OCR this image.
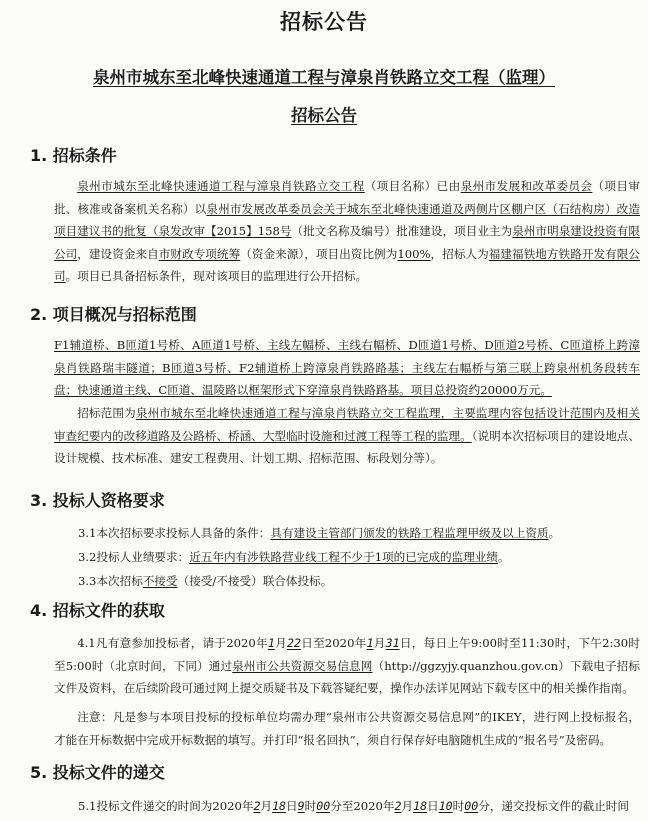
招标公告
泉州市城东至北峰快速通道工程与漳泉肖铁路立交工程（监理）
招标公告
1. 招标条件
泉州市城东至北峰快速通道工程与漳泉肖铁路立交工程（项目名称）已由泉州市发展和改革委员会（项目审批、核准或备案机关名称）以泉州市发展改革委员会关于城东至北峰快速通道及两侧片区棚户区（石结构房）改造项目建议书的批复（泉发改审【2015】158号（批文名称及编号）批准建设，项目业主为泉州市明泉建设投资有限公司，建设资金来自市财政专项统筹（资金来源），项目出资比例为100%，招标人为福建福铁地方铁路开发有限公司。项目已具备招标条件，现对该项目的监理进行公开招标。
2. 项目概况与招标范围
F1辅道桥、B匝道1号桥、A匝道1号桥、主线左幅桥、主线右幅桥、D匝道1号桥、D匝道2号桥、C匝道桥上跨漳泉肖铁路瑞丰隧道；B匝道3号桥、F2辅道桥上跨漳泉肖铁路路基；主线左右幅桥与第三联上跨泉州机务段转车盘；快速通道主线、C匝道、温陵路以框架形式下穿漳泉肖铁路路基。项目总投资约20000万元。
招标范围为泉州市城东至北峰快速通道工程与漳泉肖铁路立交工程监理，主要监理内容包括设计范围内及相关审查纪要内的改移道路及公路桥、桥涵、大型临时设施和过渡工程等工程的监理。（说明本次招标项目的建设地点、设计规模、技术标准、建安工程费用、计划工期、招标范围、标段划分等）。
3. 投标人资格要求
3.1本次招标要求投标人具备的条件：具有建设主管部门颁发的铁路工程监理甲级及以上资质。
3.2投标人业绩要求：近五年内有涉铁路营业线工程不少于1项的已完成的监理业绩。
3.3本次招标不接受（接受/不接受）联合体投标。
4. 招标文件的获取
4.1凡有意参加投标者，请于2020年1月22日至2020年1月31日，每日上午9:00时至11:30时，下午2:30时至5:00时（北京时间，下同）通过泉州市公共资源交易信息网（http://ggzyjy.quanzhou.gov.cn）下载电子招标文件及资料，在后续阶段可通过网上提交质疑书及下载答疑纪要，操作办法详见网站下载专区中的相关操作指南。
注意：凡是参与本项目投标的投标单位均需办理“泉州市公共资源交易信息网”的IKEY，进行网上投标报名，才能在开标数据中完成开标数据的填写。并打印“报名回执”，须自行保存好电脑随机生成的“报名号”及密码。
5. 投标文件的递交
5.1投标文件递交的时间为2020年2月18日9时00分至2020年2月18日10时00分，递交投标文件的截止时间
